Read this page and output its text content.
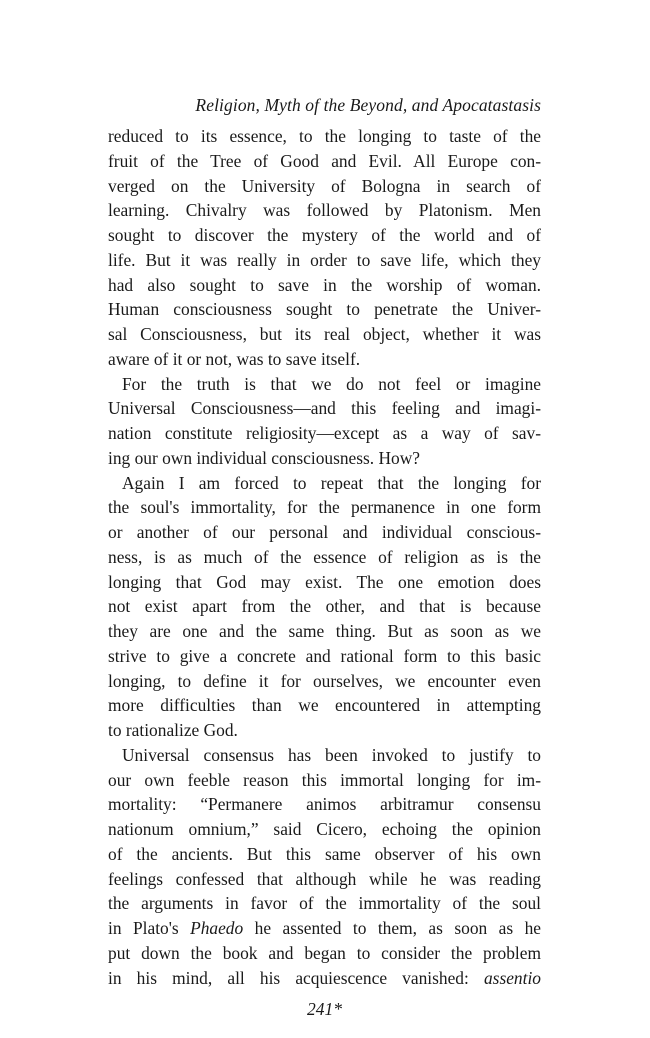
Religion, Myth of the Beyond, and Apocatastasis
reduced to its essence, to the longing to taste of the
fruit of the Tree of Good and Evil. All Europe con-
verged on the University of Bologna in search of
learning. Chivalry was followed by Platonism. Men
sought to discover the mystery of the world and of
life. But it was really in order to save life, which they
had also sought to save in the worship of woman.
Human consciousness sought to penetrate the Univer-
sal Consciousness, but its real object, whether it was
aware of it or not, was to save itself.
For the truth is that we do not feel or imagine
Universal Consciousness—and this feeling and imagi-
nation constitute religiosity—except as a way of sav-
ing our own individual consciousness. How?
Again I am forced to repeat that the longing for
the soul's immortality, for the permanence in one form
or another of our personal and individual conscious-
ness, is as much of the essence of religion as is the
longing that God may exist. The one emotion does
not exist apart from the other, and that is because
they are one and the same thing. But as soon as we
strive to give a concrete and rational form to this basic
longing, to define it for ourselves, we encounter even
more difficulties than we encountered in attempting
to rationalize God.
Universal consensus has been invoked to justify to
our own feeble reason this immortal longing for im-
mortality: “Permanere animos arbitramur consensu
nationum omnium,” said Cicero, echoing the opinion
of the ancients. But this same observer of his own
feelings confessed that although while he was reading
the arguments in favor of the immortality of the soul
in Plato's Phaedo he assented to them, as soon as he
put down the book and began to consider the problem
in his mind, all his acquiescence vanished: assentio
241*
